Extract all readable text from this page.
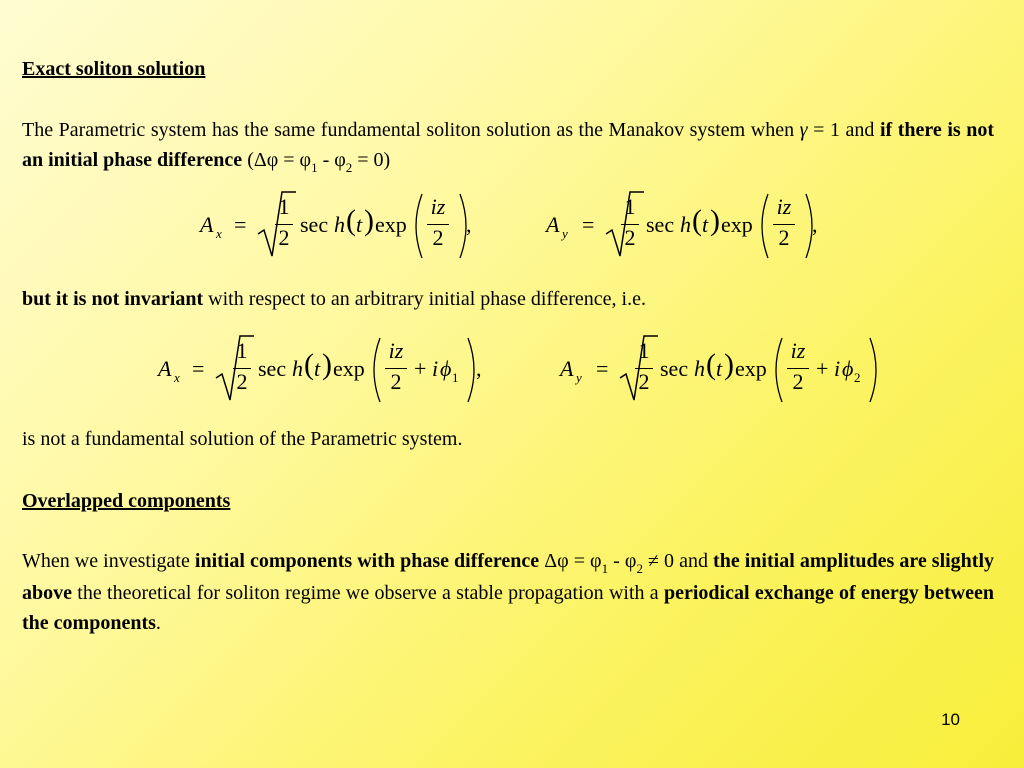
Exact soliton solution
The Parametric system has the same fundamental soliton solution as the Manakov system when γ = 1 and if there is not an initial phase difference $(\Delta\varphi = \varphi_1 - \varphi_2 = 0)$
A x =
1
2
sec h ( t ) exp
iz
2
,	A y =
1
2
sec h ( t ) exp
iz
2
,
but it is not invariant with respect to an arbitrary initial phase difference, i.e.
A x =
1
2
sec h ( t ) exp
iz
2
+ i ϕ 1 ,	A y =
1
2
sec h ( t ) exp
iz
2
+ i ϕ 2
is not a fundamental solution of the Parametric system.
Overlapped components
When we investigate initial components with phase difference $\Delta\varphi = \varphi_1 - \varphi_2 \ne 0$ and the initial amplitudes are slightly above the theoretical for soliton regime we observe a stable propagation with a periodical exchange of energy between the components.
10
